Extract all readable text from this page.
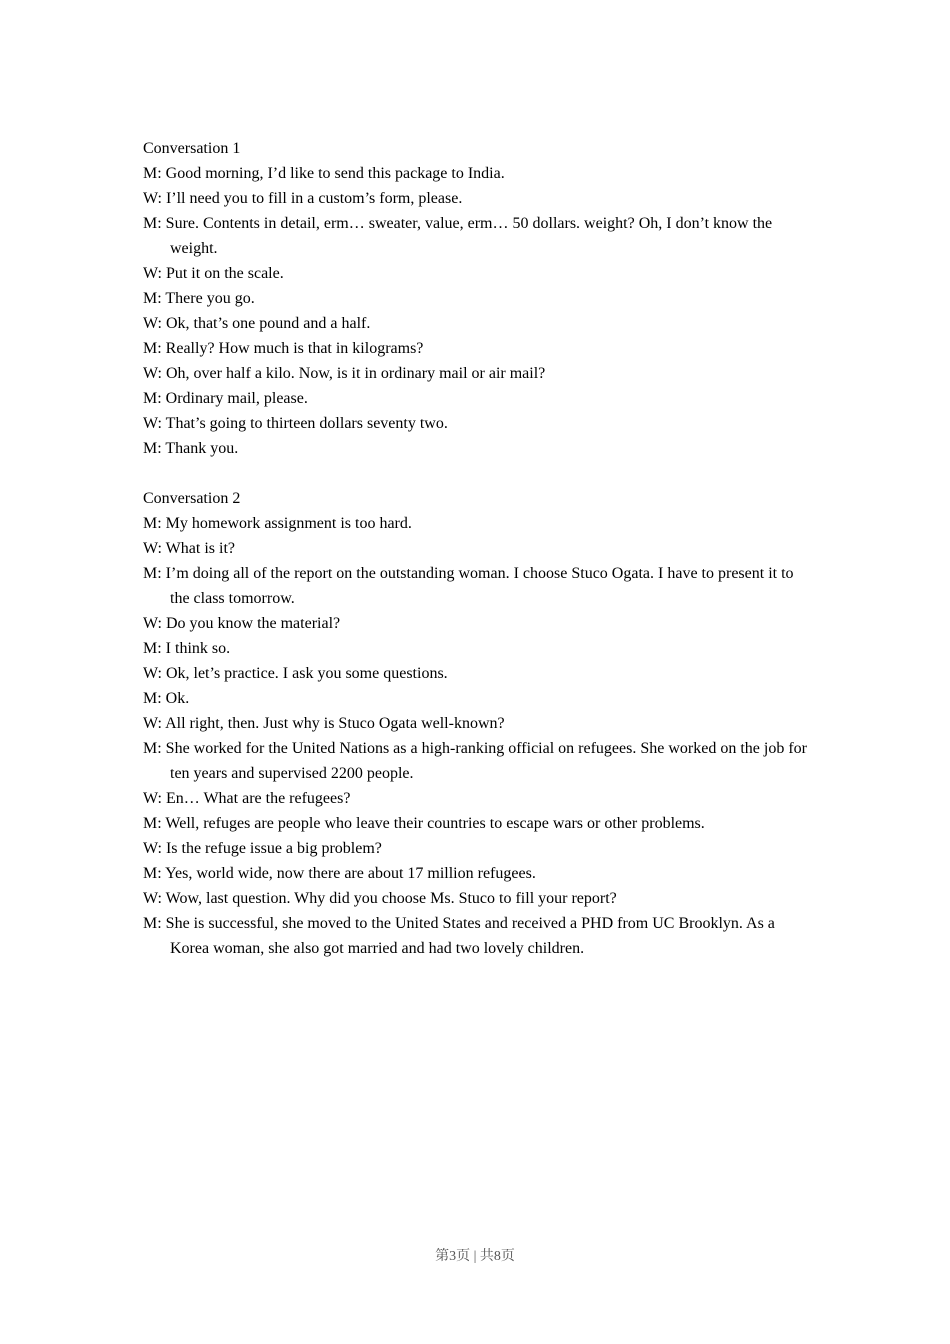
Conversation 1

M: Good morning, I’d like to send this package to India.

W: I’ll need you to fill in a custom’s form, please.

M: Sure. Contents in detail, erm… sweater, value, erm… 50 dollars. weight? Oh, I don’t know the weight.

W: Put it on the scale.

M: There you go.

W: Ok, that’s one pound and a half.

M: Really? How much is that in kilograms?

W: Oh, over half a kilo. Now, is it in ordinary mail or air mail?

M: Ordinary mail, please.

W: That’s going to thirteen dollars seventy two.

M: Thank you.

Conversation 2

M: My homework assignment is too hard.

W: What is it?

M: I’m doing all of the report on the outstanding woman. I choose Stuco Ogata. I have to present it to the class tomorrow.

W: Do you know the material?

M: I think so.

W: Ok, let’s practice. I ask you some questions.

M: Ok.

W: All right, then. Just why is Stuco Ogata well-known?

M: She worked for the United Nations as a high-ranking official on refugees. She worked on the job for ten years and supervised 2200 people.

W: En… What are the refugees?

M: Well, refuges are people who leave their countries to escape wars or other problems.

W: Is the refuge issue a big problem?

M: Yes, world wide, now there are about 17 million refugees.

W: Wow, last question. Why did you choose Ms. Stuco to fill your report?

M: She is successful, she moved to the United States and received a PHD from UC Brooklyn. As a Korea woman, she also got married and had two lovely children.

第3页 | 共8页
